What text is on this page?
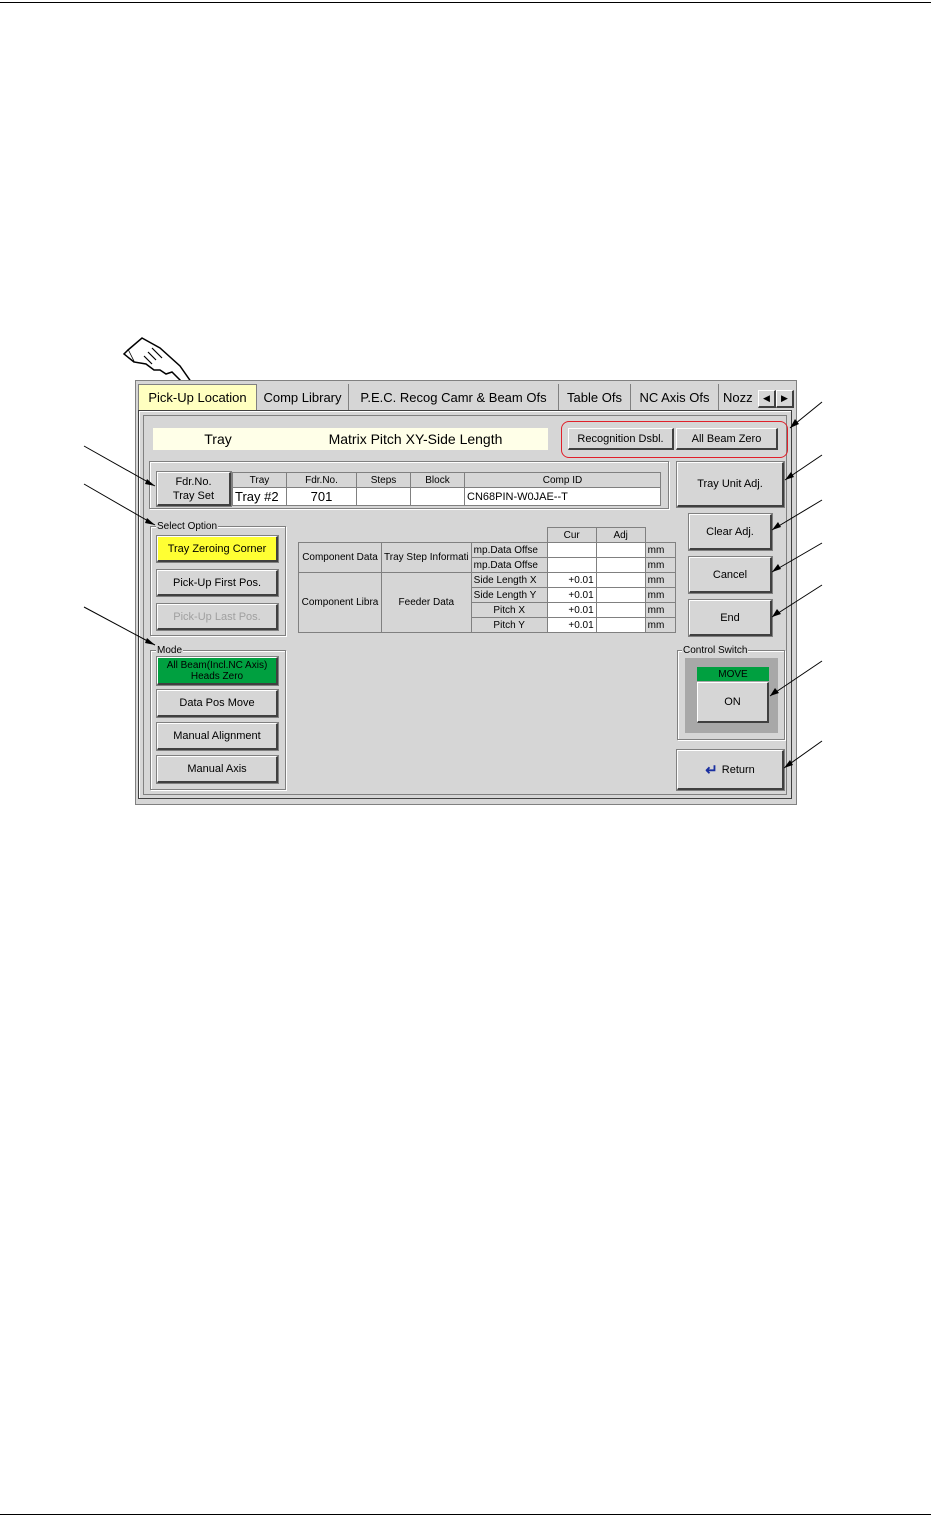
Pick-Up Location	Comp Library	P.E.C. Recog Camr & Beam Ofs	Table Ofs	NC Axis Ofs	Nozz	◀ ▶
Tray	Matrix Pitch XY-Side Length	Recognition Dsbl.	All Beam Zero
Fdr.No.
Tray Set
Tray	Fdr.No.	Steps	Block	Comp ID
Tray #2	701			CN68PIN-W0JAE--T
Select Option
Tray Zeroing Corner
Pick-Up First Pos.
Pick-Up Last Pos.
Mode
All Beam(Incl.NC Axis)
Heads Zero
Data Pos Move
Manual Alignment
Manual Axis
			Cur	Adj	
Component Data	Tray Step Informati	mp.Data Offse			mm
		mp.Data Offse			mm
Component Libra	Feeder Data	Side Length X	+0.01		mm
		Side Length Y	+0.01		mm
		Pitch X	+0.01		mm
		Pitch Y	+0.01		mm
Tray Unit Adj.
Clear Adj.
Cancel
End
Control Switch
MOVE
ON
↵ Return
